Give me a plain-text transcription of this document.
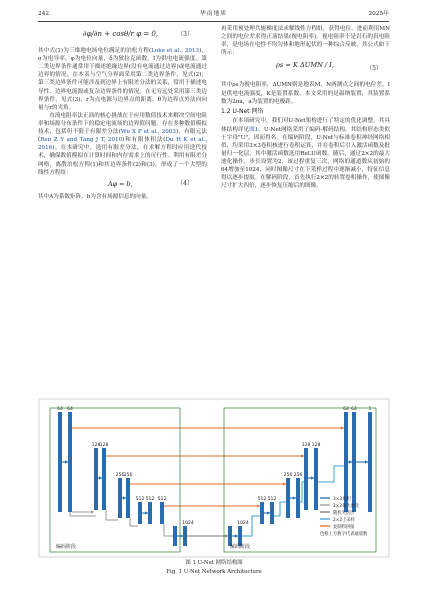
242	华南地质	2025年
∂φ/∂n + cosθ/r φ = 0,	（3）

其中式(1)为三维地电场电位满足的泊松方程(Loke et al., 2013)，σ为电导率，φ为电位向量，δ为狄拉克函数，I为供电电流强度。第二类边界条件通常用于描述绝缘边界(没有电流通过边界)或电流通过边界的情况。在本表与空气分界面采用第二类边界条件，见式(2)；第三类边界条件可能涉及到边界上有限差分法的关系，常用于描述电导性、边界电流源或复杂边界条件的情况。在无穷远处采用第三类边界条件，见式(3)，r为点电源与边界点的距离，θ为边界点外法向向量与r的夹角。

直流电阻率法正演的核心挑战在于应用数值技术来解决空间电阻率和场源分布条件下的稳定电流场的边界值问题。存在多种数值模拟技术，包括但不限于有限差分法(Wu X P et al., 2003)、有限元法(Ren Z Y and Tang J T, 2010)和有限体积法(Du H K et al., 2016)。在本研究中，选用有限差分法，在求解方程时应用迭代技术，确保数值模拟在计算时间和内存需求上的可行性。利用有限差分网格，离散泊松方程(1)和其边界条件(2)和(3)，形成了一个大型的线性方程组：

Aφ = b,	（4）

其中A为系数矩阵，b为含有场源信息的向量。

再采用预处理共轭梯度法求解线性方程组，获得电位，进而利用MN之间的电位差求得正演结果(视电阻率)。视电阻率不是岩石的真电阻率，是电场在电性不均匀体和地形起伏的一种综合反映，其公式如下所示：

ρs = K ΔUMN / I,	（5）

其中ρs为视电阻率，ΔUMN则是地表M、N两测点之间的电位差，I是供电电流强度，K是装置系数。本文采用的是温纳装置，其装置系数为2πa，a为装置的电极距。

1.2 U-Net 网络

在本项研究中，我们对U-Net架构进行了特定的优化调整，其具体结构详见图1。U-Net网络采用了编码-解码结构，其结构形态类似于字母"U"，因而得名。在编码阶段，U-Net与标准卷积神经网络相似，均采用3×3卷积核进行卷积运算，并在卷积后引入激活函数及批量归一化层，其中激活函数选用ReLU函数。随后，通过2×2的最大池化操作，步长设置为2，该过程重复三次，网络的通道数从初始的64增加至1024，同时图像尺寸在下采样过程中逐渐减小，特征信息得以逐步提取。在解码阶段，首先执行2×2的转置卷积操作，使图像尺寸扩大四倍，逐步恢复压缩后的图像。

64 64
128 128
256 256
512 512 512
1024	1024
512 512
256 256
128 128
64 64	1
编码阶段	解码阶段
3×3卷积
2×2最大池化
随机失活层
2×2上采样
复制和拼接
色框上方数字代表通道数
图 1 U-Net 网络结构图
Fig. 1 U-Net Network Architecture
